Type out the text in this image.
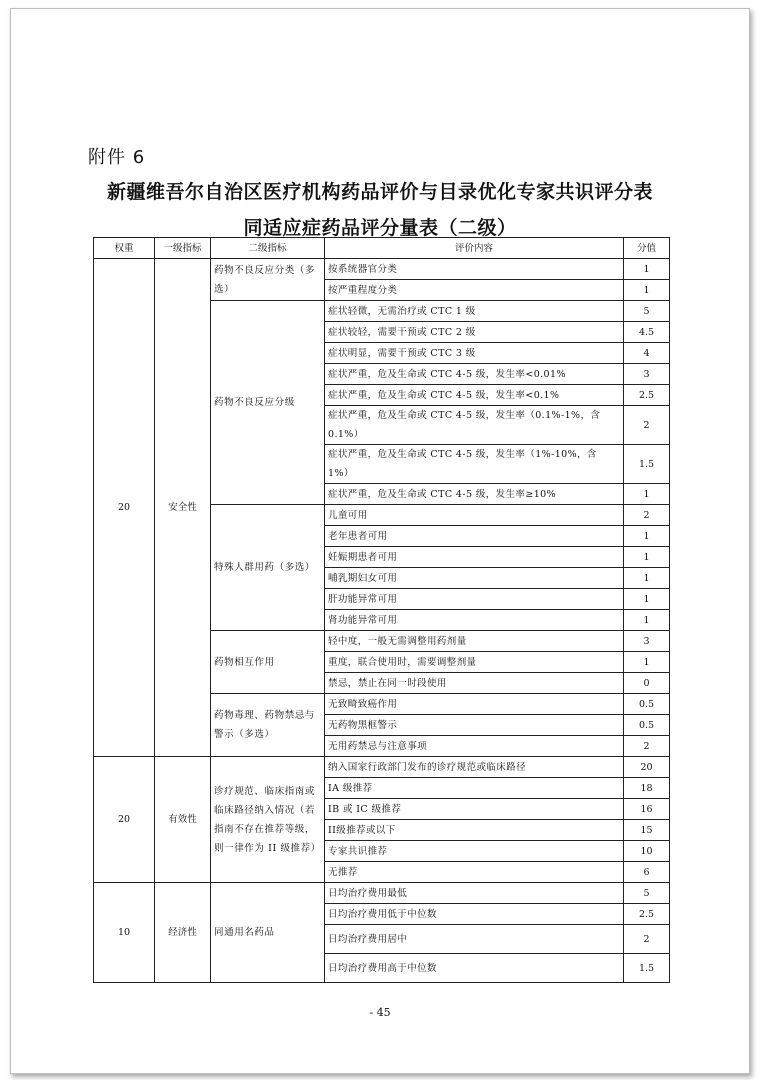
附件 6
新疆维吾尔自治区医疗机构药品评价与目录优化专家共识评分表
同适应症药品评分量表（二级）
权重	一级指标	二级指标	评价内容	分值
20	安全性	药物不良反应分类（多选）	按系统器官分类	1
			按严重程度分类	1
		药物不良反应分级	症状轻微，无需治疗或 CTC 1 级	5
			症状较轻，需要干预或 CTC 2 级	4.5
			症状明显，需要干预或 CTC 3 级	4
			症状严重，危及生命或 CTC 4-5 级，发生率<0.01%	3
			症状严重，危及生命或 CTC 4-5 级，发生率<0.1%	2.5
			症状严重，危及生命或 CTC 4-5 级，发生率（0.1%-1%，含 0.1%）	2
			症状严重，危及生命或 CTC 4-5 级，发生率（1%-10%，含 1%）	1.5
			症状严重，危及生命或 CTC 4-5 级，发生率≥10%	1
		特殊人群用药（多选）	儿童可用	2
			老年患者可用	1
			妊娠期患者可用	1
			哺乳期妇女可用	1
			肝功能异常可用	1
			肾功能异常可用	1
		药物相互作用	轻中度，一般无需调整用药剂量	3
			重度，联合使用时，需要调整剂量	1
			禁忌，禁止在同一时段使用	0
		药物毒理、药物禁忌与警示（多选）	无致畸致癌作用	0.5
			无药物黑框警示	0.5
			无用药禁忌与注意事项	2
20	有效性	诊疗规范、临床指南或临床路径纳入情况（若指南不存在推荐等级，则一律作为 II 级推荐）	纳入国家行政部门发布的诊疗规范或临床路径	20
			IA 级推荐	18
			IB 或 IC 级推荐	16
			II级推荐或以下	15
			专家共识推荐	10
			无推荐	6
10	经济性	同通用名药品	日均治疗费用最低	5
			日均治疗费用低于中位数	2.5
			日均治疗费用居中	2
			日均治疗费用高于中位数	1.5
- 45
